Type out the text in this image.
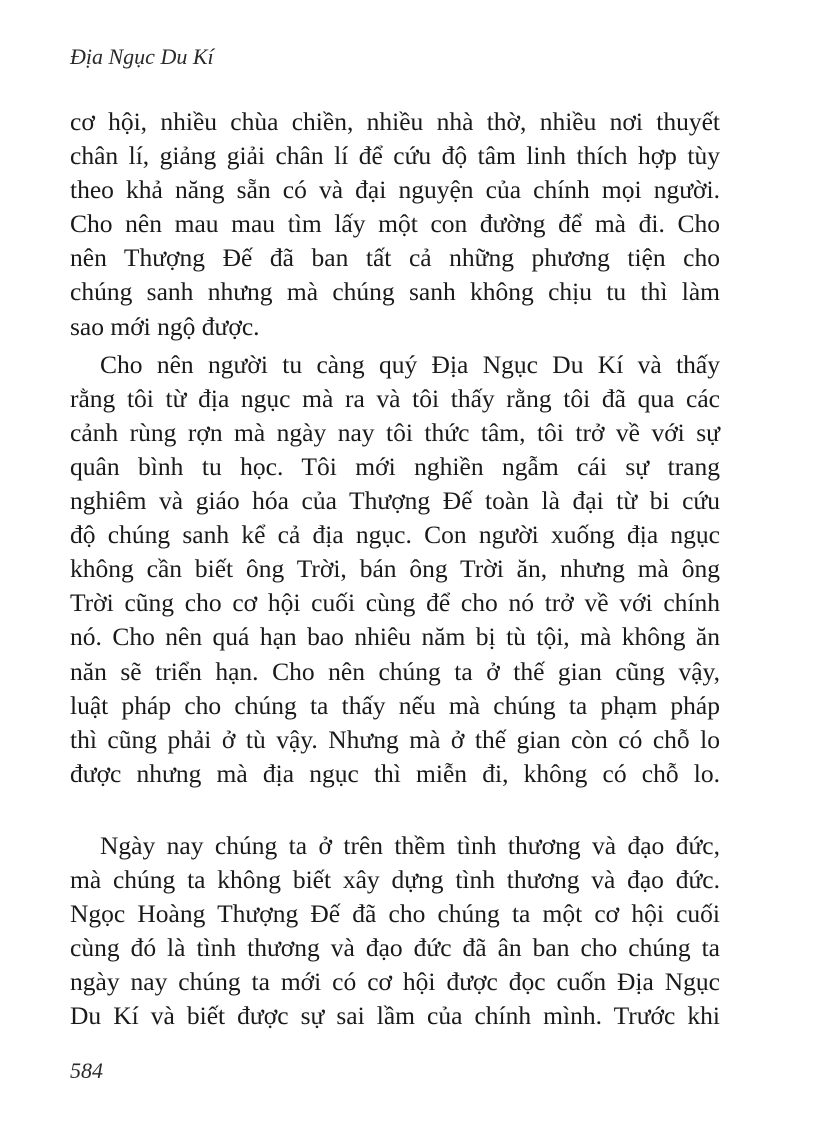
Địa Ngục Du Kí
cơ hội, nhiều chùa chiền, nhiều nhà thờ, nhiều nơi thuyết
chân lí, giảng giải chân lí để cứu độ tâm linh thích hợp tùy
theo khả năng sẵn có và đại nguyện của chính mọi người.
Cho nên mau mau tìm lấy một con đường để mà đi. Cho
nên Thượng Đế đã ban tất cả những phương tiện cho
chúng sanh nhưng mà chúng sanh không chịu tu thì làm
sao mới ngộ được.
Cho nên người tu càng quý Địa Ngục Du Kí và thấy
rằng tôi từ địa ngục mà ra và tôi thấy rằng tôi đã qua các
cảnh rùng rợn mà ngày nay tôi thức tâm, tôi trở về với sự
quân bình tu học. Tôi mới nghiền ngẫm cái sự trang
nghiêm và giáo hóa của Thượng Đế toàn là đại từ bi cứu
độ chúng sanh kể cả địa ngục. Con người xuống địa ngục
không cần biết ông Trời, bán ông Trời ăn, nhưng mà ông
Trời cũng cho cơ hội cuối cùng để cho nó trở về với chính
nó. Cho nên quá hạn bao nhiêu năm bị tù tội, mà không ăn
năn sẽ triển hạn. Cho nên chúng ta ở thế gian cũng vậy,
luật pháp cho chúng ta thấy nếu mà chúng ta phạm pháp
thì cũng phải ở tù vậy. Nhưng mà ở thế gian còn có chỗ lo
được nhưng mà địa ngục thì miễn đi, không có chỗ lo.
Ngày nay chúng ta ở trên thềm tình thương và đạo đức,
mà chúng ta không biết xây dựng tình thương và đạo đức.
Ngọc Hoàng Thượng Đế đã cho chúng ta một cơ hội cuối
cùng đó là tình thương và đạo đức đã ân ban cho chúng ta
ngày nay chúng ta mới có cơ hội được đọc cuốn Địa Ngục
Du Kí và biết được sự sai lầm của chính mình. Trước khi
584
